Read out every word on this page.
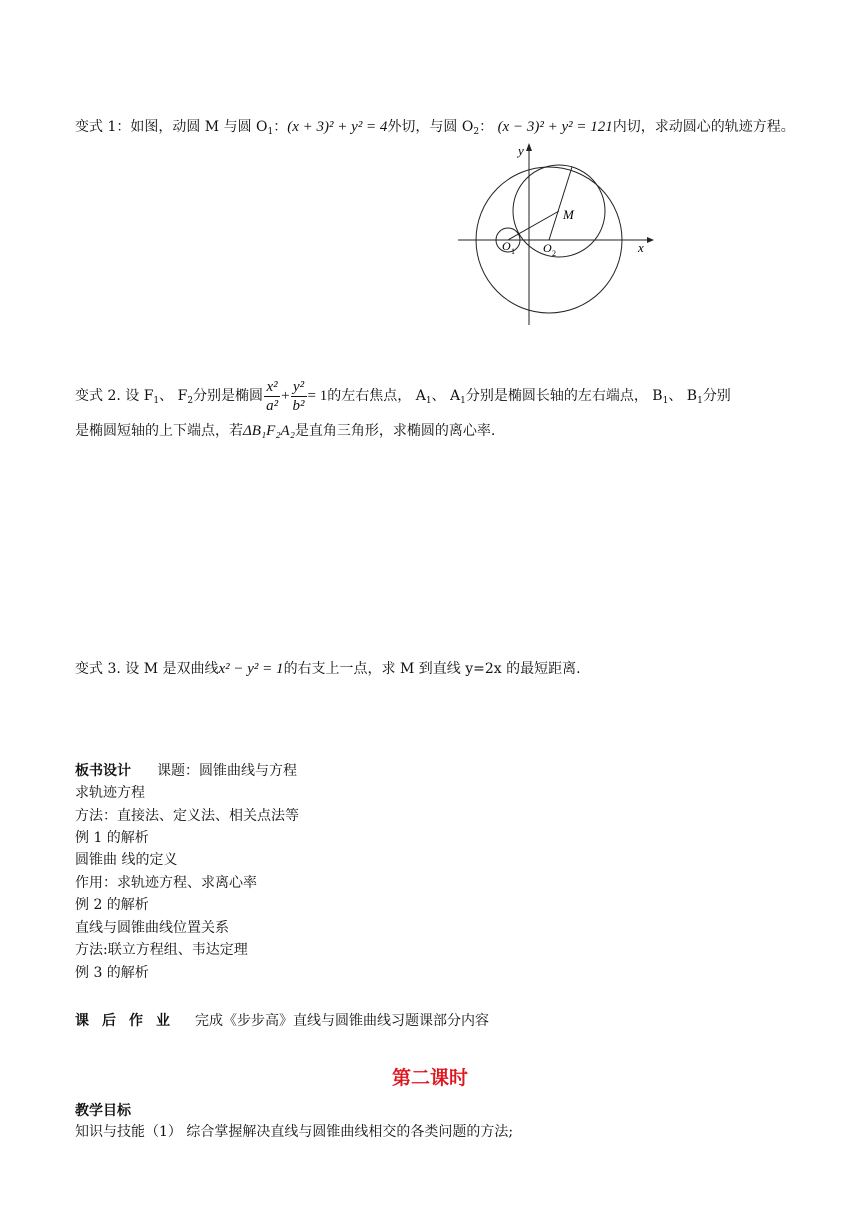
变式 1：如图，动圆 M 与圆 $O_1$：(x + 3)² + y² = 4外切，与圆 $O_2$： (x − 3)² + y² = 121内切，求动圆心的轨迹方程。
y
x
M
O 1 O 2
变式 2. 设 $F_1$、 $F_2$分别是椭圆 $\frac{\text{x²}}{\text{a²}} + \frac{\text{y²}}{\text{b²}} = 1$的左右焦点， $A_1$、 $A_1$分别是椭圆长轴的左右端点， $B_1$、 $B_1$分别
是椭圆短轴的上下端点，若ΔB₁F₂A₂是直角三角形，求椭圆的离心率.
变式 3. 设 M 是双曲线x² − y² = 1的右支上一点，求 M 到直线 y=2x 的最短距离.
板书设计 课题：圆锥曲线与方程
求轨迹方程
方法：直接法、定义法、相关点法等
例 1 的解析
圆锥曲 线的定义
作用：求轨迹方程、求离心率
例 2 的解析
直线与圆锥曲线位置关系
方法:联立方程组、韦达定理
例 3 的解析
课后作业 完成《步步高》直线与圆锥曲线习题课部分内容
第二课时
教学目标
知识与技能（1） 综合掌握解决直线与圆锥曲线相交的各类问题的方法;
